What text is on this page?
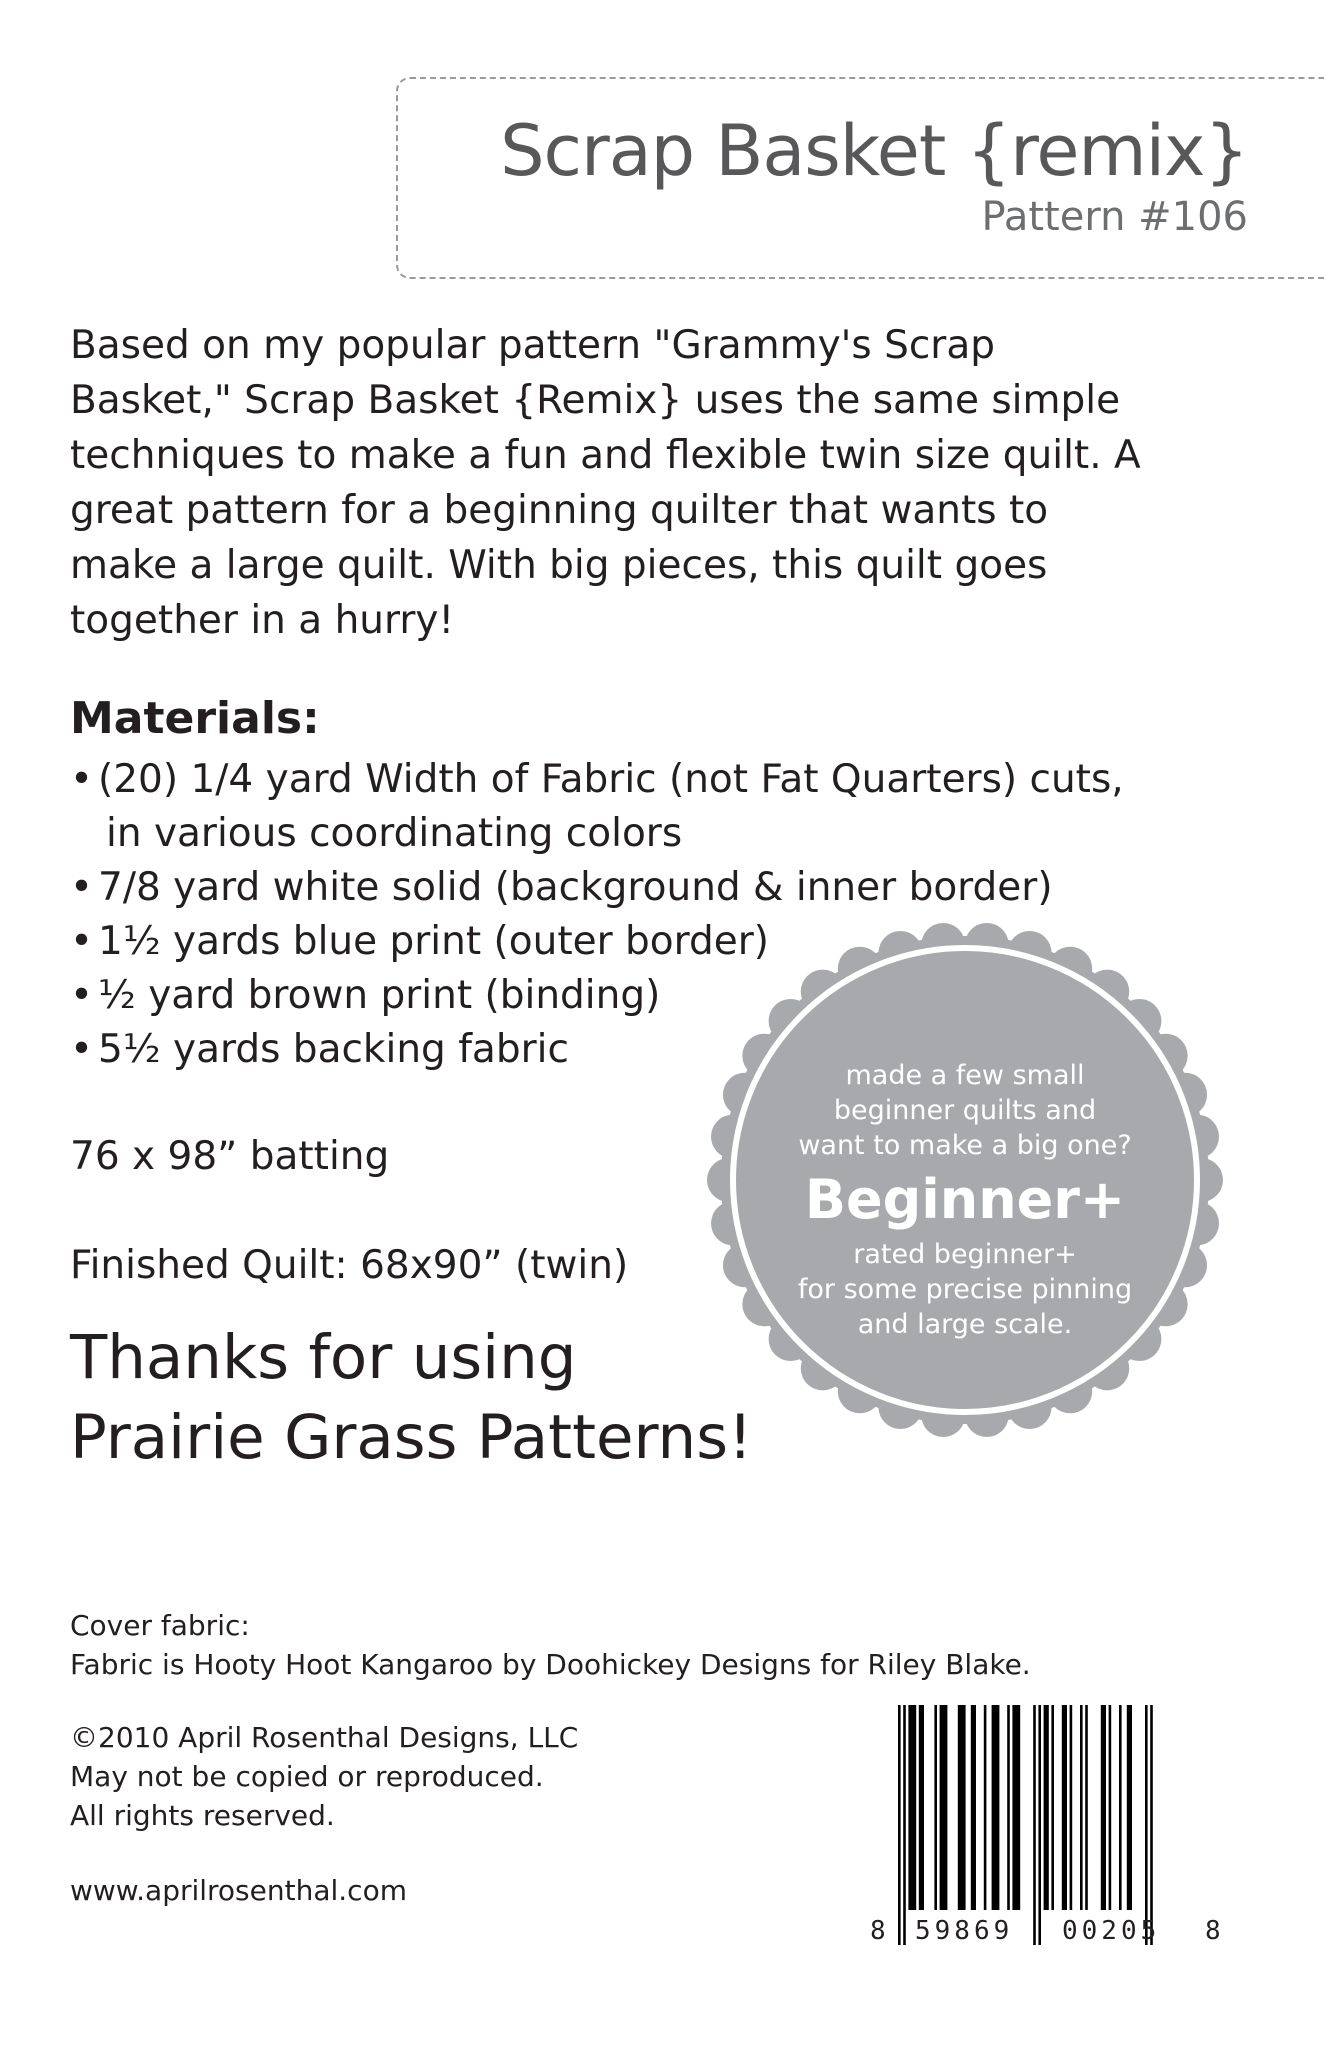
Scrap Basket {remix}
Pattern #106

Based on my popular pattern "Grammy's Scrap Basket," Scrap Basket {Remix} uses the same simple techniques to make a fun and flexible twin size quilt. A great pattern for a beginning quilter that wants to make a large quilt. With big pieces, this quilt goes together in a hurry!

Materials:
• (20) 1/4 yard Width of Fabric (not Fat Quarters) cuts,
in various coordinating colors
• 7/8 yard white solid (background & inner border)
• 1½ yards blue print (outer border)
• ½ yard brown print (binding)
• 5½ yards backing fabric
76 x 98” batting
Finished Quilt: 68x90” (twin)
Thanks for using
Prairie Grass Patterns!
made a few small
beginner quilts and
want to make a big one?
Beginner+
rated beginner+
for some precise pinning
and large scale.
Cover fabric:
Fabric is Hooty Hoot Kangaroo by Doohickey Designs for Riley Blake.
©2010 April Rosenthal Designs, LLC
May not be copied or reproduced.
All rights reserved.
www.aprilrosenthal.com
8 59869 00205 8
